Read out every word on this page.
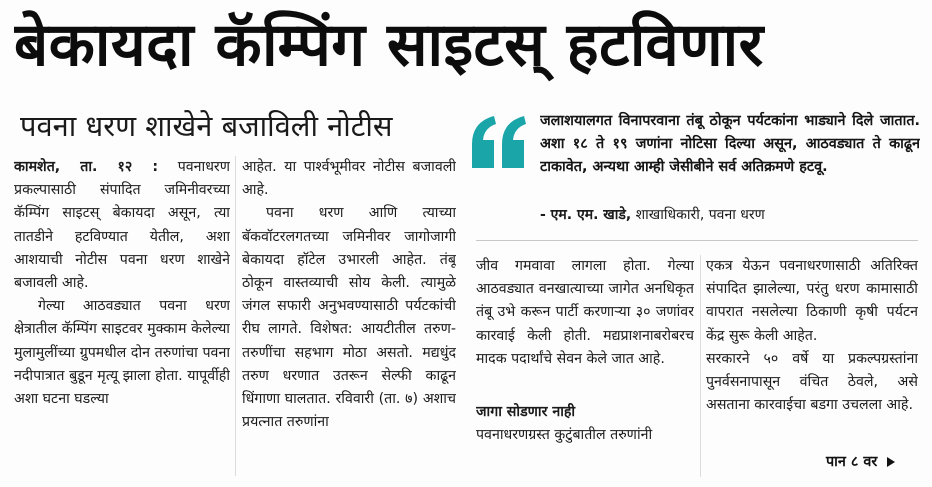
बेकायदा कॅम्पिंग साइटस् हटविणार
पवना धरण शाखेने बजाविली नोटीस

कामशेत, ता. १२ : पवनाधरण प्रकल्पासाठी संपादित जमिनीवरच्या कॅम्पिंग साइटस् बेकायदा असून, त्या तातडीने हटविण्यात येतील, अशा आशयाची नोटीस पवना धरण शाखेने बजावली आहे.

गेल्या आठवड्यात पवना धरण क्षेत्रातील कॅम्पिंग साइटवर मुक्काम केलेल्या मुलामुलींच्या ग्रुपमधील दोन तरुणांचा पवना नदीपात्रात बुडून मृत्यू झाला होता. यापूर्वीही अशा घटना घडल्या

आहेत. या पार्श्वभूमीवर नोटीस बजावली आहे.

पवना धरण आणि त्याच्या बॅकवॉटरलगतच्या जमिनीवर जागोजागी बेकायदा हॉटेल उभारली आहेत. तंबू ठोकून वास्तव्याची सोय केली. त्यामुळे जंगल सफारी अनुभवण्यासाठी पर्यटकांची रीघ लागते. विशेषत: आयटीतील तरुण-तरुणींचा सहभाग मोठा असतो. मद्यधुंद तरुण धरणात उतरून सेल्फी काढून धिंगाणा घालतात. रविवारी (ता. ७) अशाच प्रयत्नात तरुणांना

जलाशयालगत विनापरवाना तंबू ठोकून पर्यटकांना भाड्याने दिले जातात. अशा १८ ते १९ जणांना नोटिसा दिल्या असून, आठवड्यात ते काढून टाकावेत, अन्यथा आम्ही जेसीबीने सर्व अतिक्रमणे हटवू.
- एम. एम. खाडे, शाखाधिकारी, पवना धरण

जीव गमवावा लागला होता. गेल्या आठवड्यात वनखात्याच्या जागेत अनधिकृत तंबू उभे करून पार्टी करणाऱ्या ३० जणांवर कारवाई केली होती. मद्यप्राशनाबरोबरच मादक पदार्थांचे सेवन केले जात आहे.

जागा सोडणार नाही

पवनाधरणग्रस्त कुटुंबातील तरुणांनी

एकत्र येऊन पवनाधरणासाठी अतिरिक्त संपादित झालेल्या, परंतु धरण कामासाठी वापरात नसलेल्या ठिकाणी कृषी पर्यटन केंद्र सुरू केली आहेत.

सरकारने ५० वर्षे या प्रकल्पग्रस्तांना पुनर्वसनापासून वंचित ठेवले, असे असताना कारवाईचा बडगा उचलला आहे.

पान ८ वर
